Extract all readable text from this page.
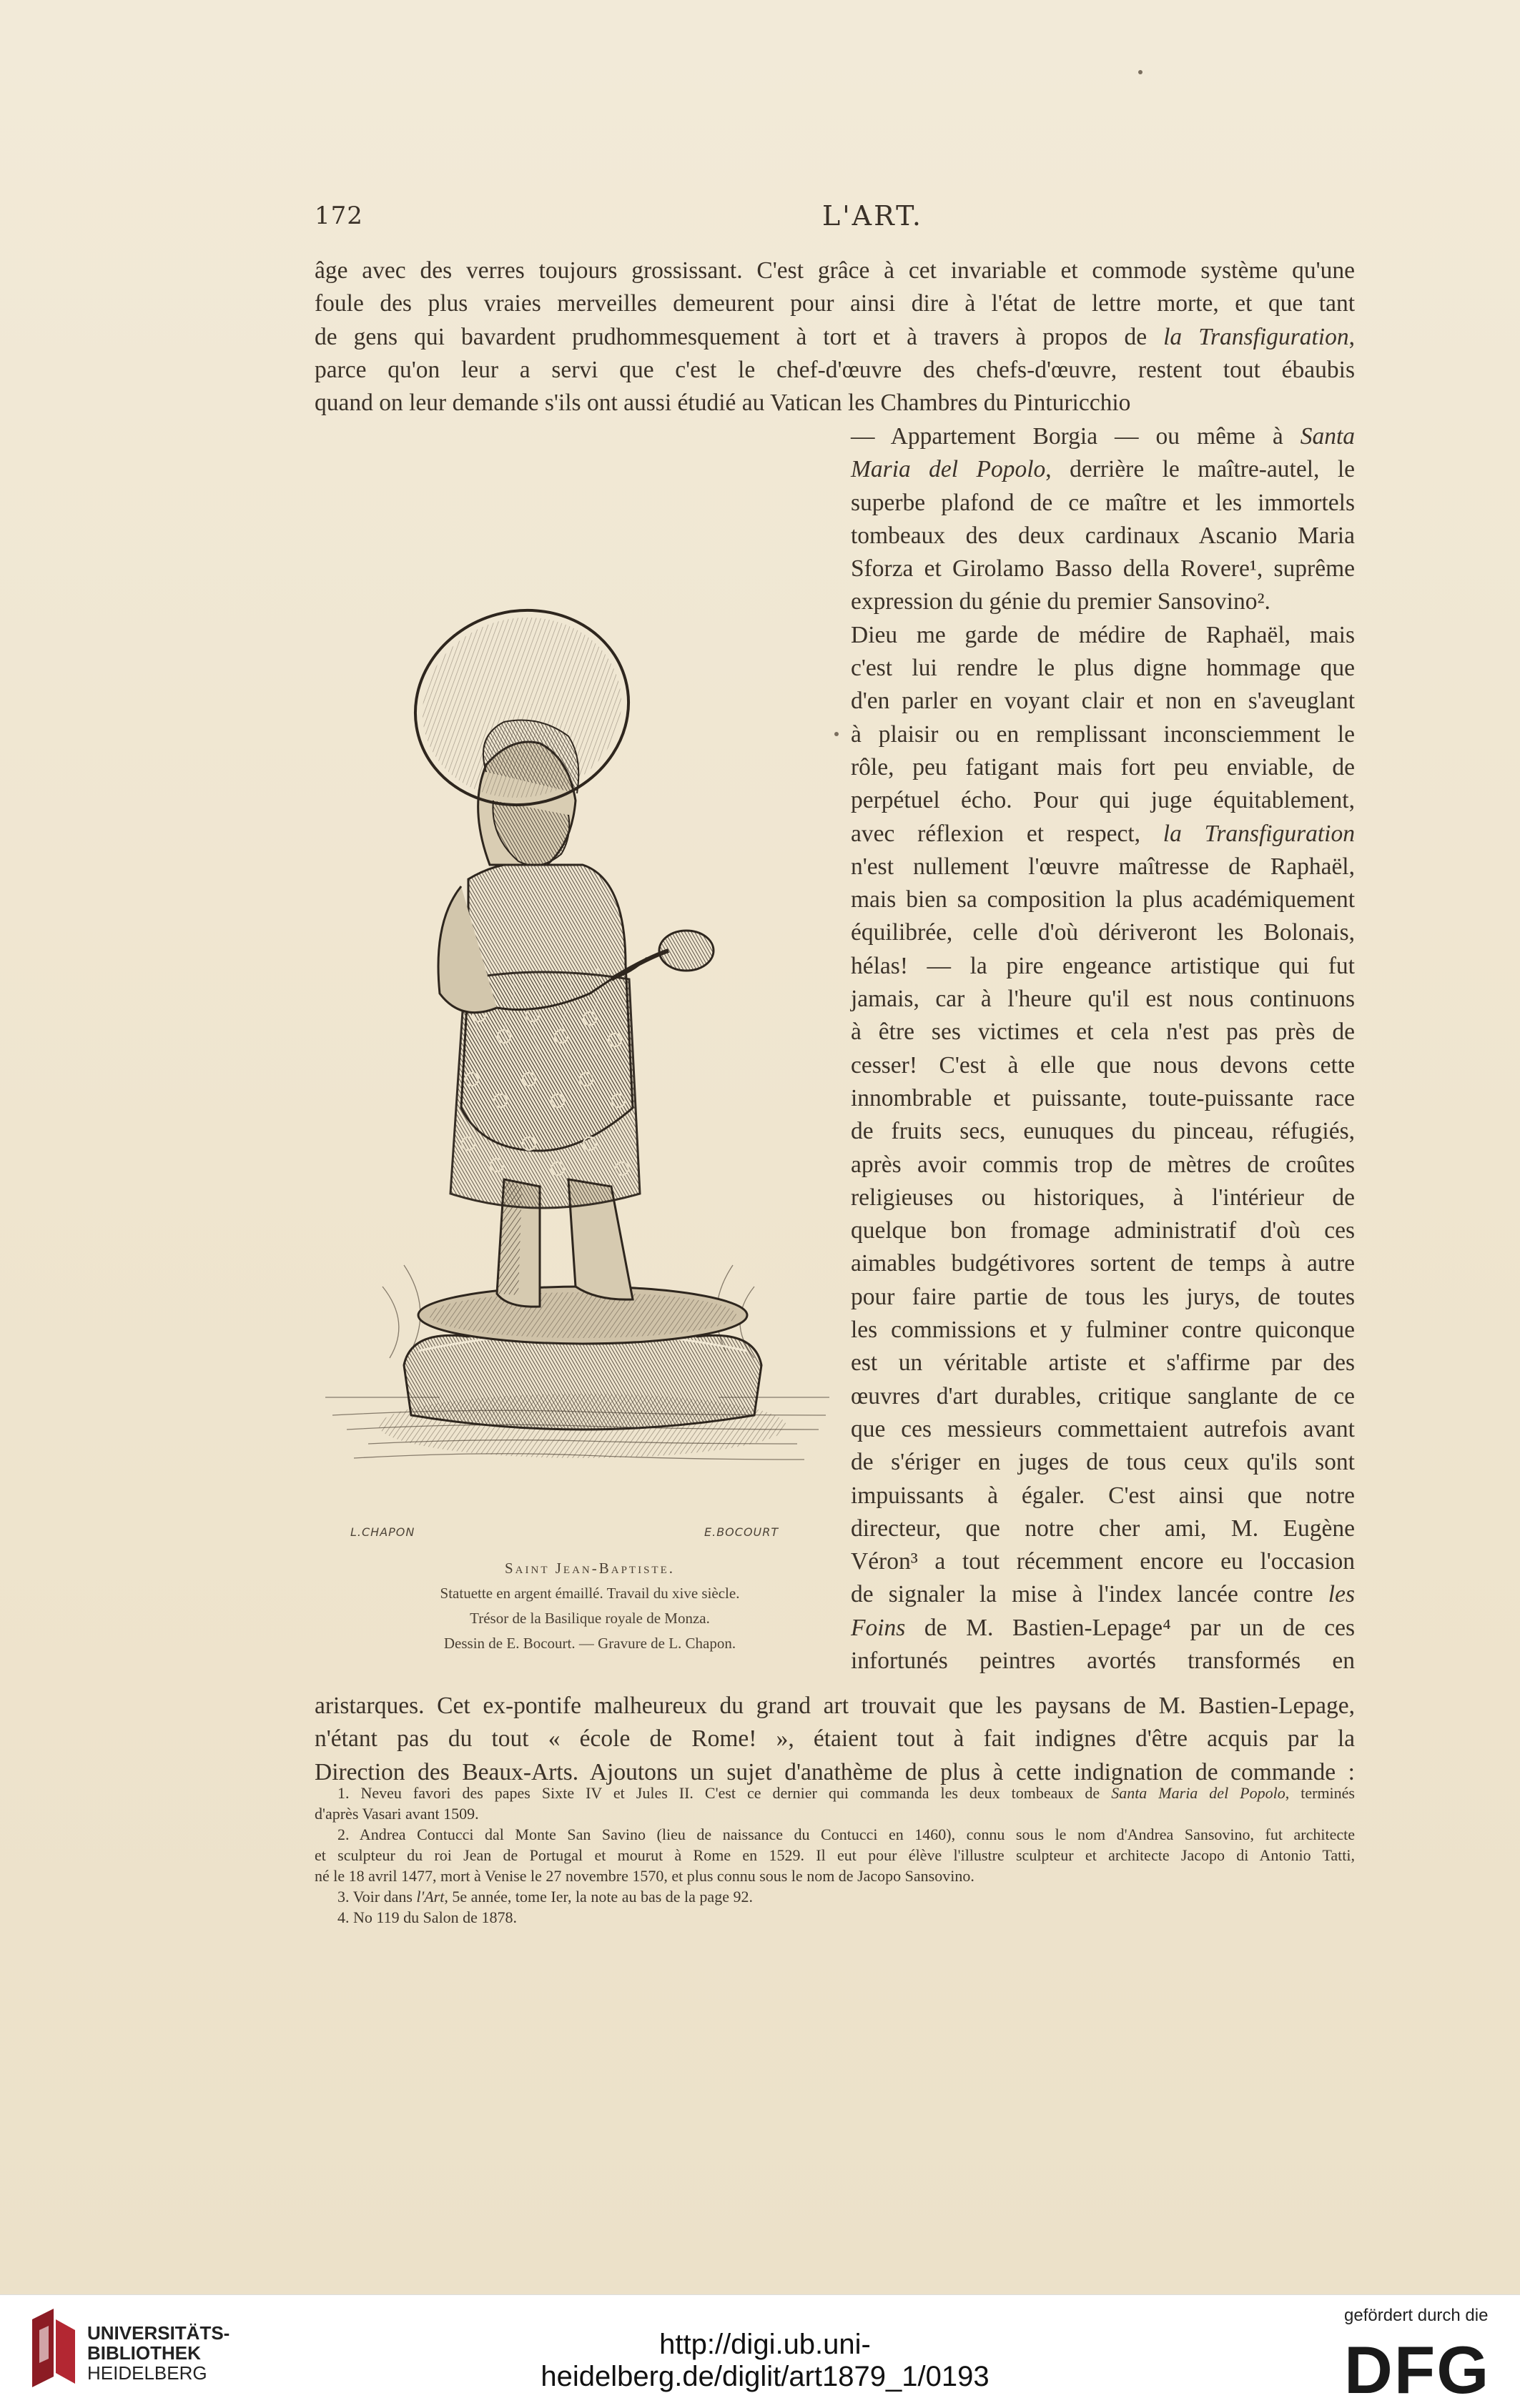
172	L'ART.
âge avec des verres toujours grossissant. C'est grâce à cet invariable et commode système qu'une
foule des plus vraies merveilles demeurent pour ainsi dire à l'état de lettre morte, et que tant
de gens qui bavardent prudhommesquement à tort et à travers à propos de la Transfiguration,
parce qu'on leur a servi que c'est le chef-d'œuvre des chefs-d'œuvre, restent tout ébaubis
quand on leur demande s'ils ont aussi étudié au Vatican les Chambres du Pinturicchio
— Appartement Borgia — ou même à Santa
Maria del Popolo, derrière le maître-autel, le
superbe plafond de ce maître et les immortels
tombeaux des deux cardinaux Ascanio Maria
Sforza et Girolamo Basso della Rovere¹, suprême
expression du génie du premier Sansovino².
Dieu me garde de médire de Raphaël, mais
c'est lui rendre le plus digne hommage que
d'en parler en voyant clair et non en s'aveuglant
à plaisir ou en remplissant inconsciemment le
rôle, peu fatigant mais fort peu enviable, de
perpétuel écho. Pour qui juge équitablement,
avec réflexion et respect, la Transfiguration
n'est nullement l'œuvre maîtresse de Raphaël,
mais bien sa composition la plus académiquement
équilibrée, celle d'où dériveront les Bolonais,
hélas! — la pire engeance artistique qui fut
jamais, car à l'heure qu'il est nous continuons
à être ses victimes et cela n'est pas près de
cesser! C'est à elle que nous devons cette
innombrable et puissante, toute-puissante race
de fruits secs, eunuques du pinceau, réfugiés,
après avoir commis trop de mètres de croûtes
religieuses ou historiques, à l'intérieur de
quelque bon fromage administratif d'où ces
aimables budgétivores sortent de temps à autre
pour faire partie de tous les jurys, de toutes
les commissions et y fulminer contre quiconque
est un véritable artiste et s'affirme par des
œuvres d'art durables, critique sanglante de ce
que ces messieurs commettaient autrefois avant
de s'ériger en juges de tous ceux qu'ils sont
impuissants à égaler. C'est ainsi que notre
directeur, que notre cher ami, M. Eugène
Véron³ a tout récemment encore eu l'occasion
de signaler la mise à l'index lancée contre les
Foins de M. Bastien-Lepage⁴ par un de ces
infortunés peintres avortés transformés en
aristarques. Cet ex-pontife malheureux du grand art trouvait que les paysans de M. Bastien-Lepage,
n'étant pas du tout « école de Rome! », étaient tout à fait indignes d'être acquis par la
Direction des Beaux-Arts. Ajoutons un sujet d'anathème de plus à cette indignation de commande :
L.CHAPON	E.BOCOURT
Saint Jean-Baptiste.
Statuette en argent émaillé. Travail du xive siècle.
Trésor de la Basilique royale de Monza.
Dessin de E. Bocourt. — Gravure de L. Chapon.
1. Neveu favori des papes Sixte IV et Jules II. C'est ce dernier qui commanda les deux tombeaux de Santa Maria del Popolo, terminés
d'après Vasari avant 1509.
2. Andrea Contucci dal Monte San Savino (lieu de naissance du Contucci en 1460), connu sous le nom d'Andrea Sansovino, fut architecte
et sculpteur du roi Jean de Portugal et mourut à Rome en 1529. Il eut pour élève l'illustre sculpteur et architecte Jacopo di Antonio Tatti,
né le 18 avril 1477, mort à Venise le 27 novembre 1570, et plus connu sous le nom de Jacopo Sansovino.
3. Voir dans l'Art, 5e année, tome Ier, la note au bas de la page 92.
4. No 119 du Salon de 1878.
UNIVERSITÄTS-
BIBLIOTHEK
HEIDELBERG
http://digi.ub.uni-heidelberg.de/diglit/art1879_1/0193
gefördert durch die
DFG
